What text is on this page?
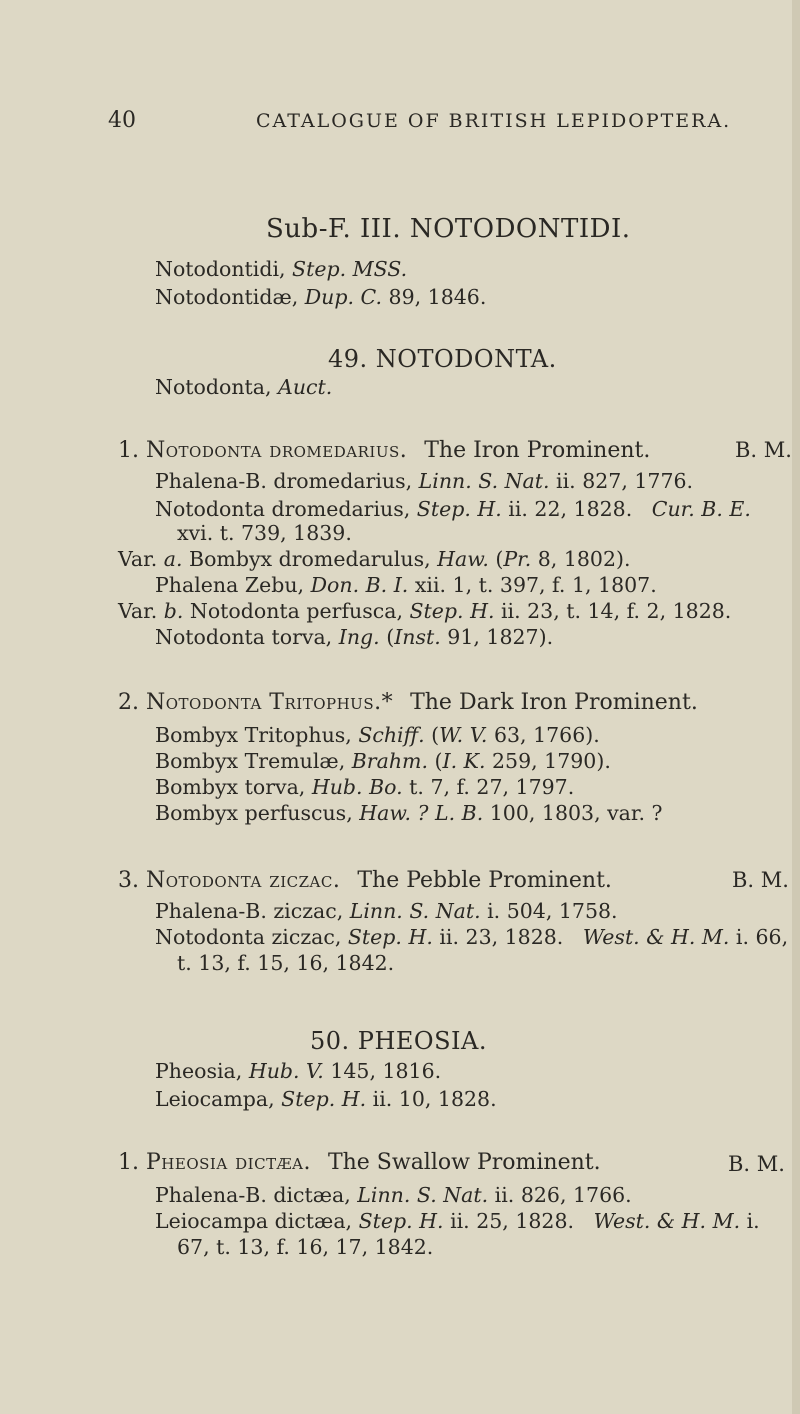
40	CATALOGUE OF BRITISH LEPIDOPTERA.
Sub-F. III. NOTODONTIDI.
Notodontidi, Step. MSS.
Notodontidæ, Dup. C. 89, 1846.
49. NOTODONTA.
Notodonta, Auct.
1. Notodonta dromedarius. The Iron Prominent.	B. M.
Phalena-B. dromedarius, Linn. S. Nat. ii. 827, 1776.
Notodonta dromedarius, Step. H. ii. 22, 1828.   Cur. B. E.
xvi. t. 739, 1839.
Var. a. Bombyx dromedarulus, Haw. (Pr. 8, 1802).
Phalena Zebu, Don. B. I. xii. 1, t. 397, f. 1, 1807.
Var. b. Notodonta perfusca, Step. H. ii. 23, t. 14, f. 2, 1828.
Notodonta torva, Ing. (Inst. 91, 1827).
2. Notodonta Tritophus.* The Dark Iron Prominent.
Bombyx Tritophus, Schiff. (W. V. 63, 1766).
Bombyx Tremulæ, Brahm. (I. K. 259, 1790).
Bombyx torva, Hub. Bo. t. 7, f. 27, 1797.
Bombyx perfuscus, Haw. ? L. B. 100, 1803, var. ?
3. Notodonta ziczac. The Pebble Prominent.	B. M.
Phalena-B. ziczac, Linn. S. Nat. i. 504, 1758.
Notodonta ziczac, Step. H. ii. 23, 1828.   West. & H. M. i. 66,
t. 13, f. 15, 16, 1842.
50. PHEOSIA.
Pheosia, Hub. V. 145, 1816.
Leiocampa, Step. H. ii. 10, 1828.
1. Pheosia dictæa. The Swallow Prominent.	B. M.
Phalena-B. dictæa, Linn. S. Nat. ii. 826, 1766.
Leiocampa dictæa, Step. H. ii. 25, 1828.   West. & H. M. i.
67, t. 13, f. 16, 17, 1842.
